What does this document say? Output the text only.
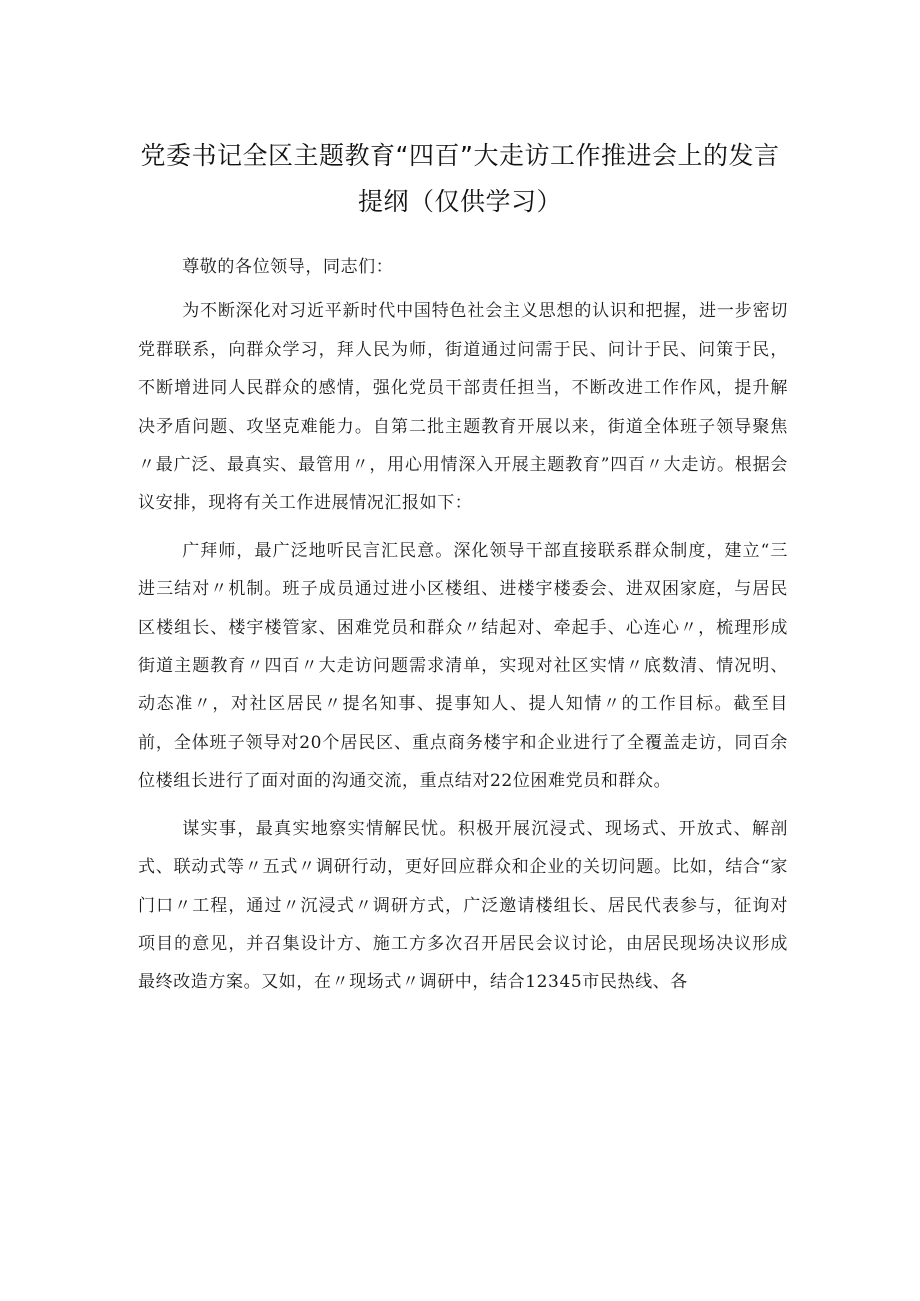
党委书记全区主题教育“四百”大走访工作推进会上的发言
提纲（仅供学习）

尊敬的各位领导，同志们：

为不断深化对习近平新时代中国特色社会主义思想的认识和把握，进一步密切党群联系，向群众学习，拜人民为师，街道通过问需于民、问计于民、问策于民，不断增进同人民群众的感情，强化党员干部责任担当，不断改进工作作风，提升解决矛盾问题、攻坚克难能力。自第二批主题教育开展以来，街道全体班子领导聚焦〃最广泛、最真实、最管用〃，用心用情深入开展主题教育”四百〃大走访。根据会议安排，现将有关工作进展情况汇报如下：

广拜师，最广泛地听民言汇民意。深化领导干部直接联系群众制度，建立“三进三结对〃机制。班子成员通过进小区楼组、进楼宇楼委会、进双困家庭，与居民区楼组长、楼宇楼管家、困难党员和群众〃结起对、牵起手、心连心〃，梳理形成街道主题教育〃四百〃大走访问题需求清单，实现对社区实情〃底数清、情况明、动态准〃，对社区居民〃提名知事、提事知人、提人知情〃的工作目标。截至目前，全体班子领导对20个居民区、重点商务楼宇和企业进行了全覆盖走访，同百余位楼组长进行了面对面的沟通交流，重点结对22位困难党员和群众。

谋实事，最真实地察实情解民忧。积极开展沉浸式、现场式、开放式、解剖式、联动式等〃五式〃调研行动，更好回应群众和企业的关切问题。比如，结合“家门口〃工程，通过〃沉浸式〃调研方式，广泛邀请楼组长、居民代表参与，征询对项目的意见，并召集设计方、施工方多次召开居民会议讨论，由居民现场决议形成最终改造方案。又如，在〃现场式〃调研中，结合12345市民热线、各
